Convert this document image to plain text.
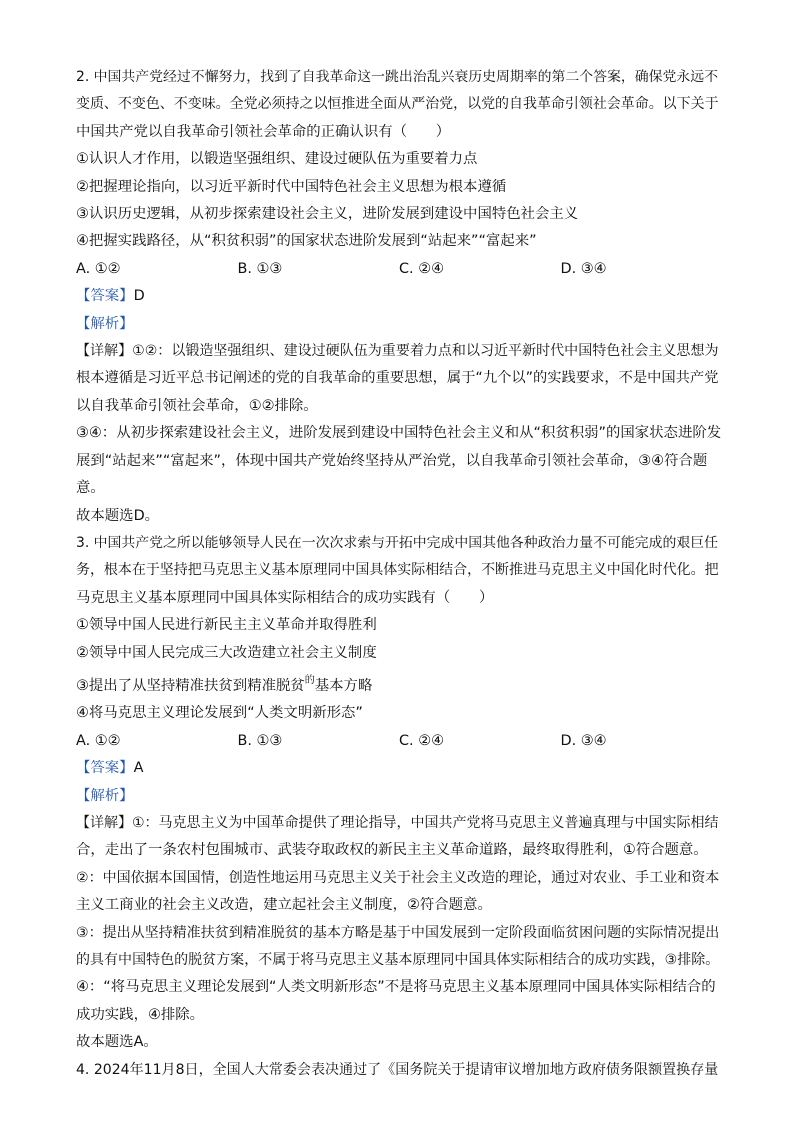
2. 中国共产党经过不懈努力，找到了自我革命这一跳出治乱兴衰历史周期率的第二个答案，确保党永远不

变质、不变色、不变味。全党必须持之以恒推进全面从严治党，以党的自我革命引领社会革命。以下关于

中国共产党以自我革命引领社会革命的正确认识有（　　）

①认识人才作用，以锻造坚强组织、建设过硬队伍为重要着力点

②把握理论指向，以习近平新时代中国特色社会主义思想为根本遵循

③认识历史逻辑，从初步探索建设社会主义，进阶发展到建设中国特色社会主义

④把握实践路径，从“积贫积弱”的国家状态进阶发展到“站起来”“富起来”

A. ①②	B. ①③	C. ②④	D. ③④

【答案】D

【解析】

【详解】①②：以锻造坚强组织、建设过硬队伍为重要着力点和以习近平新时代中国特色社会主义思想为

根本遵循是习近平总书记阐述的党的自我革命的重要思想，属于“九个以”的实践要求，不是中国共产党

以自我革命引领社会革命，①②排除。

③④：从初步探索建设社会主义，进阶发展到建设中国特色社会主义和从“积贫积弱”的国家状态进阶发

展到“站起来”“富起来”，体现中国共产党始终坚持从严治党，以自我革命引领社会革命，③④符合题

意。

故本题选D。

3. 中国共产党之所以能够领导人民在一次次求索与开拓中完成中国其他各种政治力量不可能完成的艰巨任

务，根本在于坚持把马克思主义基本原理同中国具体实际相结合，不断推进马克思主义中国化时代化。把

马克思主义基本原理同中国具体实际相结合的成功实践有（　　）

①领导中国人民进行新民主主义革命并取得胜利

②领导中国人民完成三大改造建立社会主义制度

③提出了从坚持精准扶贫到精准脱贫$^的$基本方略

④将马克思主义理论发展到“人类文明新形态”

A. ①②	B. ①③	C. ②④	D. ③④

【答案】A

【解析】

【详解】①：马克思主义为中国革命提供了理论指导，中国共产党将马克思主义普遍真理与中国实际相结

合，走出了一条农村包围城市、武装夺取政权的新民主主义革命道路，最终取得胜利，①符合题意。

②：中国依据本国国情，创造性地运用马克思主义关于社会主义改造的理论，通过对农业、手工业和资本

主义工商业的社会主义改造，建立起社会主义制度，②符合题意。

③：提出从坚持精准扶贫到精准脱贫的基本方略是基于中国发展到一定阶段面临贫困问题的实际情况提出

的具有中国特色的脱贫方案，不属于将马克思主义基本原理同中国具体实际相结合的成功实践，③排除。

④：“将马克思主义理论发展到“人类文明新形态”不是将马克思主义基本原理同中国具体实际相结合的

成功实践，④排除。

故本题选A。

4. 2024年11月8日，全国人大常委会表决通过了《国务院关于提请审议增加地方政府债务限额置换存量
